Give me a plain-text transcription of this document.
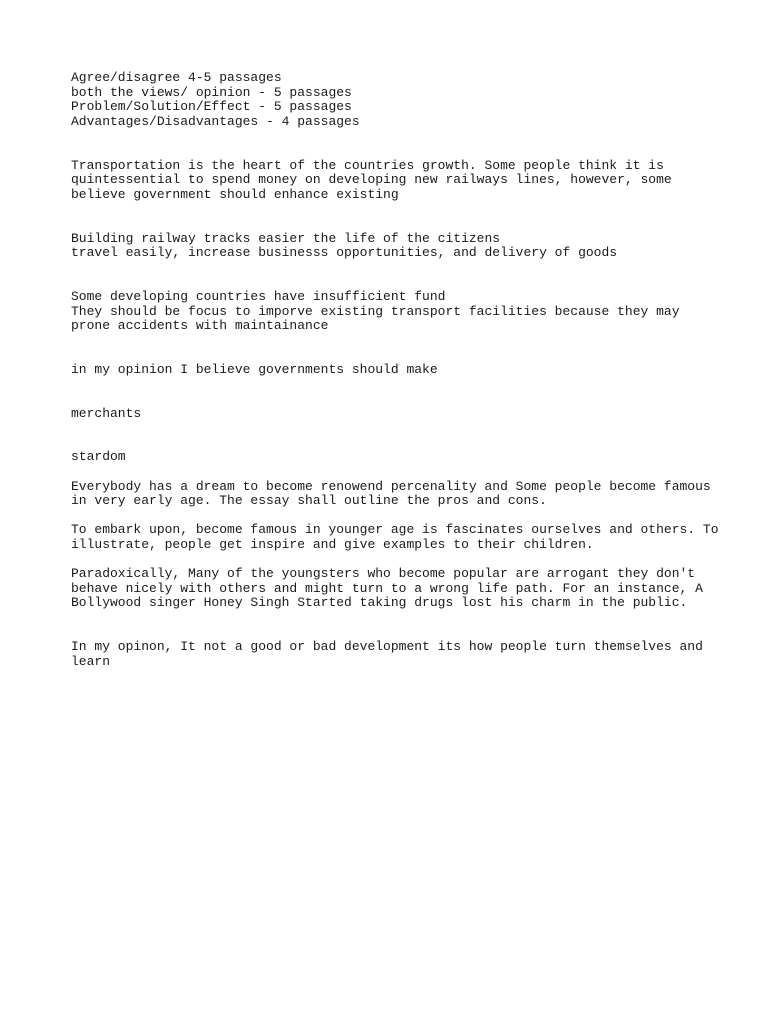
Agree/disagree 4-5 passages
both the views/ opinion - 5 passages
Problem/Solution/Effect - 5 passages
Advantages/Disadvantages - 4 passages
Transportation is the heart of the countries growth. Some people think it is
quintessential to spend money on developing new railways lines, however, some
believe government should enhance existing
Building railway tracks easier the life of the citizens
travel easily, increase businesss opportunities, and delivery of goods
Some developing countries have insufficient fund
They should be focus to imporve existing transport facilities because they may
prone accidents with maintainance
in my opinion I believe governments should make
merchants
stardom
Everybody has a dream to become renowend percenality and Some people become famous
in very early age. The essay shall outline the pros and cons.
To embark upon, become famous in younger age is fascinates ourselves and others. To
illustrate, people get inspire and give examples to their children.
Paradoxically, Many of the youngsters who become popular are arrogant they don't
behave nicely with others and might turn to a wrong life path. For an instance, A
Bollywood singer Honey Singh Started taking drugs lost his charm in the public.
In my opinon, It not a good or bad development its how people turn themselves and
learn
